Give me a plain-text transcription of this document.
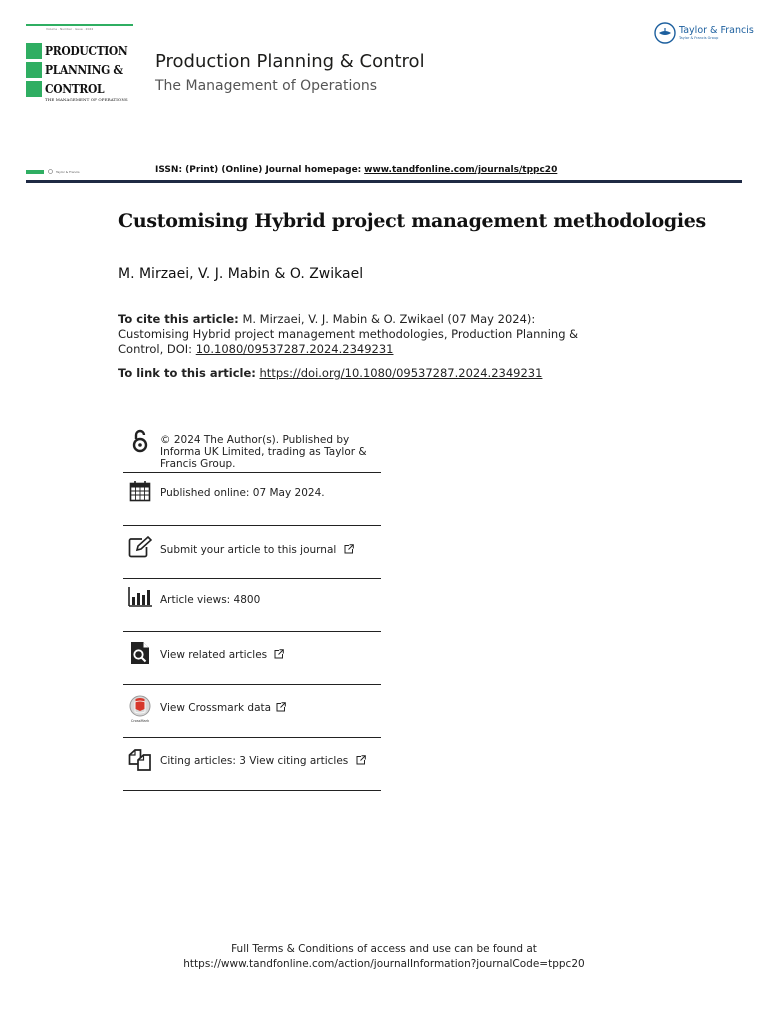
Volume · Number · Issue · 2024
PRODUCTION
PLANNING &
CONTROL
THE MANAGEMENT OF OPERATIONS
Production Planning & Control
The Management of Operations
Taylor & Francis
Taylor & Francis Group
Taylor & Francis	ISSN: (Print) (Online) Journal homepage: www.tandfonline.com/journals/tppc20
Customising Hybrid project management methodologies
M. Mirzaei, V. J. Mabin & O. Zwikael
To cite this article: M. Mirzaei, V. J. Mabin & O. Zwikael (07 May 2024): Customising Hybrid project management methodologies, Production Planning & Control, DOI: 10.1080/09537287.2024.2349231
To link to this article: https://doi.org/10.1080/09537287.2024.2349231
© 2024 The Author(s). Published by Informa UK Limited, trading as Taylor & Francis Group.
Published online: 07 May 2024.
Submit your article to this journal
Article views: 4800
View related articles
CrossMark
View Crossmark data
Citing articles: 3 View citing articles
Full Terms & Conditions of access and use can be found at
https://www.tandfonline.com/action/journalInformation?journalCode=tppc20
